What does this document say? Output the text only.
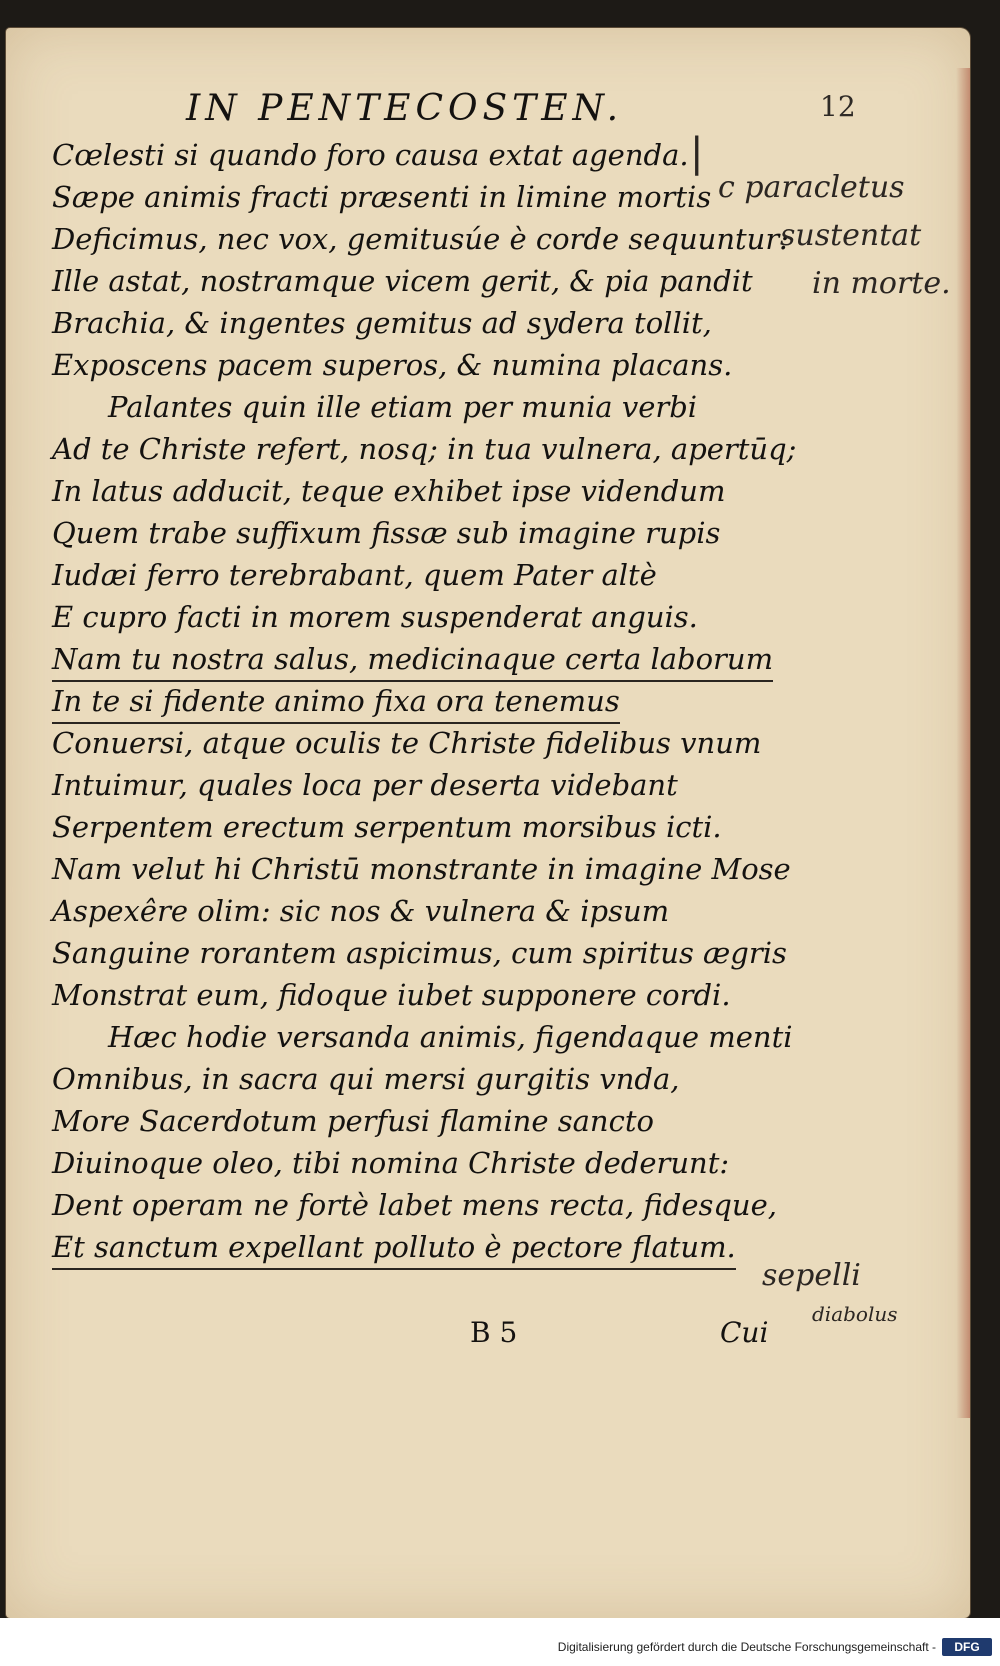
IN PENTECOSTEN.	12
Cœlesti si quando foro causa extat agenda.
Sæpe animis fracti præsenti in limine mortis
Deficimus, nec vox, gemitusúe è corde sequuntur:
Ille astat, nostramque vicem gerit, & pia pandit
Brachia, & ingentes gemitus ad sydera tollit,
Exposcens pacem superos, & numina placans.
Palantes quin ille etiam per munia verbi
Ad te Christe refert, nosq; in tua vulnera, apertūq;
In latus adducit, teque exhibet ipse videndum
Quem trabe suffixum fissæ sub imagine rupis
Iudæi ferro terebrabant, quem Pater altè
E cupro facti in morem suspenderat anguis.
Nam tu nostra salus, medicinaque certa laborum
In te si fidente animo fixa ora tenemus
Conuersi, atque oculis te Christe fidelibus vnum
Intuimur, quales loca per deserta videbant
Serpentem erectum serpentum morsibus icti.
Nam velut hi Christū monstrante in imagine Mose
Aspexêre olim: sic nos & vulnera & ipsum
Sanguine rorantem aspicimus, cum spiritus ægris
Monstrat eum, fidoque iubet supponere cordi.
Hæc hodie versanda animis, figendaque menti
Omnibus, in sacra qui mersi gurgitis vnda,
More Sacerdotum perfusi flamine sancto
Diuinoque oleo, tibi nomina Christe dederunt:
Dent operam ne fortè labet mens recta, fidesque,
Et sanctum expellant polluto è pectore flatum.
B 5	Cui
|
c paracletus
sustentat
in morte.
sepelli
diabolus
Digitalisierung gefördert durch die Deutsche Forschungsgemeinschaft -	DFG
